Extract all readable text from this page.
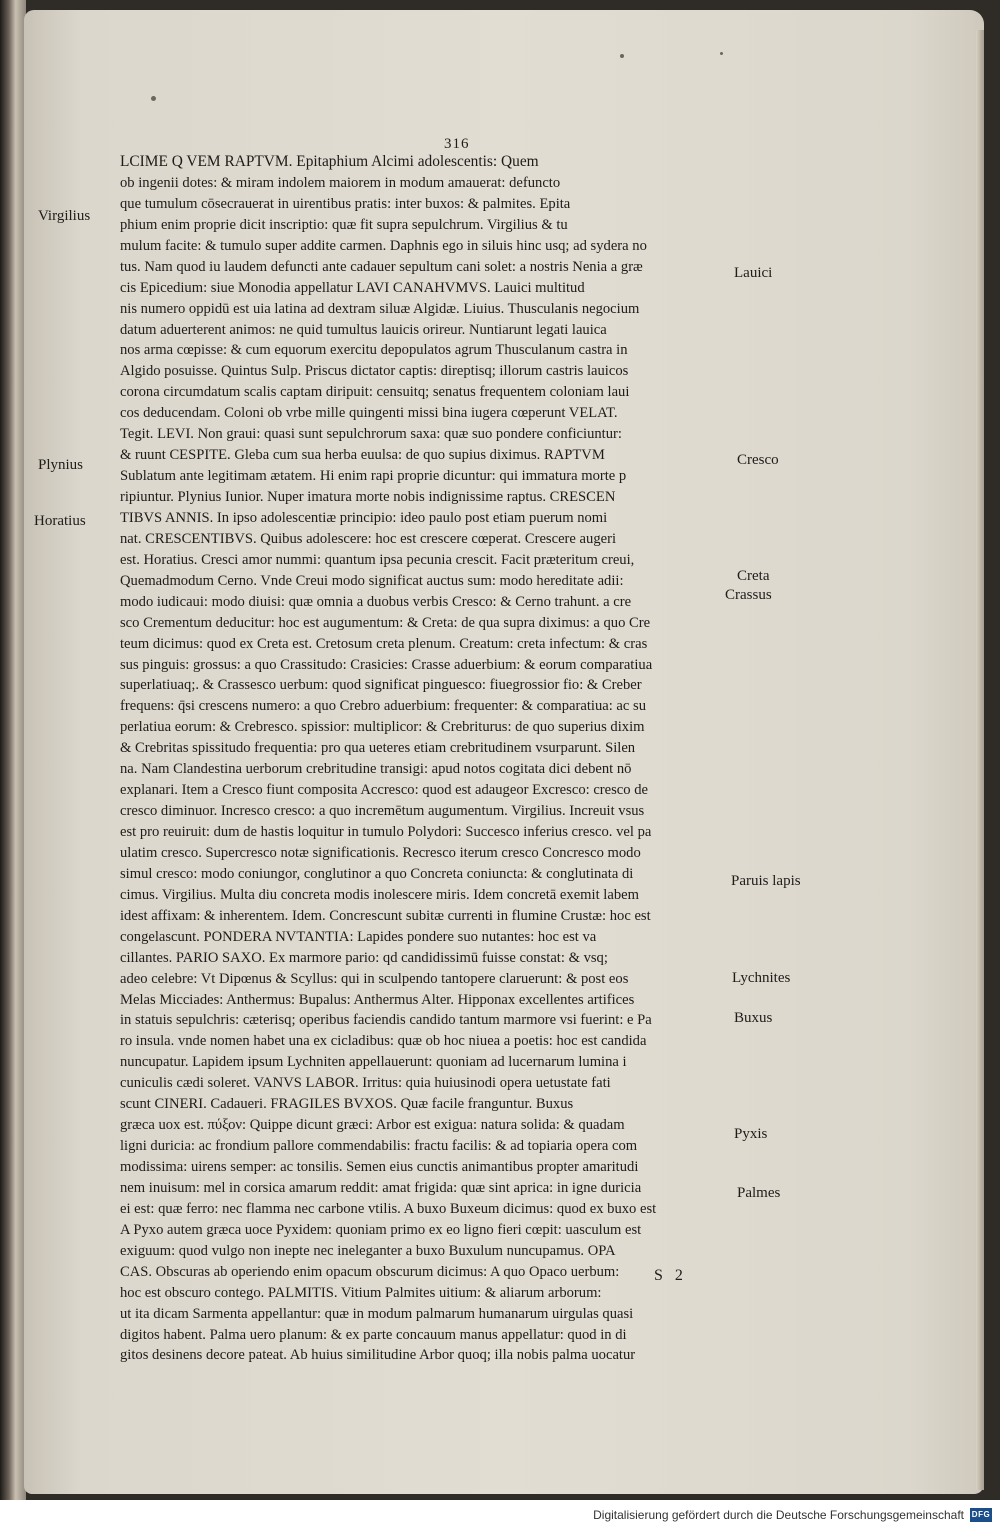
316
LCIME Q VEM RAPTVM. Epitaphium Alcimi adolescentis: Quem
ob ingenii dotes: & miram indolem maiorem in modum amauerat: defuncto
que tumulum cōsecrauerat in uirentibus pratis: inter buxos: & palmites. Epita
phium enim proprie dicit inscriptio: quæ fit supra sepulchrum. Virgilius & tu
mulum facite: & tumulo super addite carmen. Daphnis ego in siluis hinc usq; ad sydera no
tus. Nam quod iu laudem defuncti ante cadauer sepultum cani solet: a nostris Nenia a græ
cis Epicedium: siue Monodia appellatur LAVI CANAHVMVS. Lauici multitud
nis numero oppidū est uia latina ad dextram siluæ Algidæ. Liuius. Thusculanis negocium
datum aduerterent animos: ne quid tumultus lauicis orireur. Nuntiarunt legati lauica
nos arma cœpisse: & cum equorum exercitu depopulatos agrum Thusculanum castra in
Algido posuisse. Quintus Sulp. Priscus dictator captis: direptisq; illorum castris lauicos
corona circumdatum scalis captam diripuit: censuitq; senatus frequentem coloniam laui
cos deducendam. Coloni ob vrbe mille quingenti missi bina iugera cœperunt VELAT.
Tegit. LEVI. Non graui: quasi sunt sepulchrorum saxa: quæ suo pondere conficiuntur:
& ruunt CESPITE. Gleba cum sua herba euulsa: de quo supius diximus. RAPTVM
Sublatum ante legitimam ætatem. Hi enim rapi proprie dicuntur: qui immatura morte p
ripiuntur. Plynius Iunior. Nuper imatura morte nobis indignissime raptus. CRESCEN
TIBVS ANNIS. In ipso adolescentiæ principio: ideo paulo post etiam puerum nomi
nat. CRESCENTIBVS. Quibus adolescere: hoc est crescere cœperat. Crescere augeri
est. Horatius. Cresci amor nummi: quantum ipsa pecunia crescit. Facit præteritum creui,
Quemadmodum Cerno. Vnde Creui modo significat auctus sum: modo hereditate adii:
modo iudicaui: modo diuisi: quæ omnia a duobus verbis Cresco: & Cerno trahunt. a cre
sco Crementum deducitur: hoc est augumentum: & Creta: de qua supra diximus: a quo Cre
teum dicimus: quod ex Creta est. Cretosum creta plenum. Creatum: creta infectum: & cras
sus pinguis: grossus: a quo Crassitudo: Crasicies: Crasse aduerbium: & eorum comparatiua
superlatiuaq;. & Crassesco uerbum: quod significat pinguesco: fiuegrossior fio: & Creber
frequens: q̄si crescens numero: a quo Crebro aduerbium: frequenter: & comparatiua: ac su
perlatiua eorum: & Crebresco. spissior: multiplicor: & Crebriturus: de quo superius dixim
& Crebritas spissitudo frequentia: pro qua ueteres etiam crebritudinem vsurparunt. Silen
na. Nam Clandestina uerborum crebritudine transigi: apud notos cogitata dici debent nō
explanari. Item a Cresco fiunt composita Accresco: quod est adaugeor Excresco: cresco de
cresco diminuor. Incresco cresco: a quo incremētum augumentum. Virgilius. Increuit vsus
est pro reuiruit: dum de hastis loquitur in tumulo Polydori: Succesco inferius cresco. vel pa
ulatim cresco. Supercresco notæ significationis. Recresco iterum cresco Concresco modo
simul cresco: modo coniungor, conglutinor a quo Concreta coniuncta: & conglutinata di
cimus. Virgilius. Multa diu concreta modis inolescere miris. Idem concretā exemit labem
idest affixam: & inherentem. Idem. Concrescunt subitæ currenti in flumine Crustæ: hoc est
congelascunt. PONDERA NVTANTIA: Lapides pondere suo nutantes: hoc est va
cillantes. PARIO SAXO. Ex marmore pario: qd candidissimū fuisse constat: & vsq;
adeo celebre: Vt Dipœnus & Scyllus: qui in sculpendo tantopere claruerunt: & post eos
Melas Micciades: Anthermus: Bupalus: Anthermus Alter. Hipponax excellentes artifices
in statuis sepulchris: cæterisq; operibus faciendis candido tantum marmore vsi fuerint: e Pa
ro insula. vnde nomen habet una ex cicladibus: quæ ob hoc niuea a poetis: hoc est candida
nuncupatur. Lapidem ipsum Lychniten appellauerunt: quoniam ad lucernarum lumina i
cuniculis cædi soleret. VANVS LABOR. Irritus: quia huiusinodi opera uetustate fati
scunt CINERI. Cadaueri. FRAGILES BVXOS. Quæ facile franguntur. Buxus
græca uox est. πύξον: Quippe dicunt græci: Arbor est exigua: natura solida: & quadam
ligni duricia: ac frondium pallore commendabilis: fractu facilis: & ad topiaria opera com
modissima: uirens semper: ac tonsilis. Semen eius cunctis animantibus propter amaritudi
nem inuisum: mel in corsica amarum reddit: amat frigida: quæ sint aprica: in igne duricia
ei est: quæ ferro: nec flamma nec carbone vtilis. A buxo Buxeum dicimus: quod ex buxo est
A Pyxo autem græca uoce Pyxidem: quoniam primo ex eo ligno fieri cœpit: uasculum est
exiguum: quod vulgo non inepte nec ineleganter a buxo Buxulum nuncupamus. OPA
CAS. Obscuras ab operiendo enim opacum obscurum dicimus: A quo Opaco uerbum:
hoc est obscuro contego. PALMITIS. Vitium Palmites uitium: & aliarum arborum:
ut ita dicam Sarmenta appellantur: quæ in modum palmarum humanarum uirgulas quasi
digitos habent. Palma uero planum: & ex parte concauum manus appellatur: quod in di
gitos desinens decore pateat. Ab huius similitudine Arbor quoq; illa nobis palma uocatur
Virgilius
Plynius
Horatius
Lauici
Cresco
Creta
Crassus
Paruis lapis
Lychnites
Buxus
Pyxis
Palmes
S 2
Digitalisierung gefördert durch die Deutsche Forschungsgemeinschaft DFG
